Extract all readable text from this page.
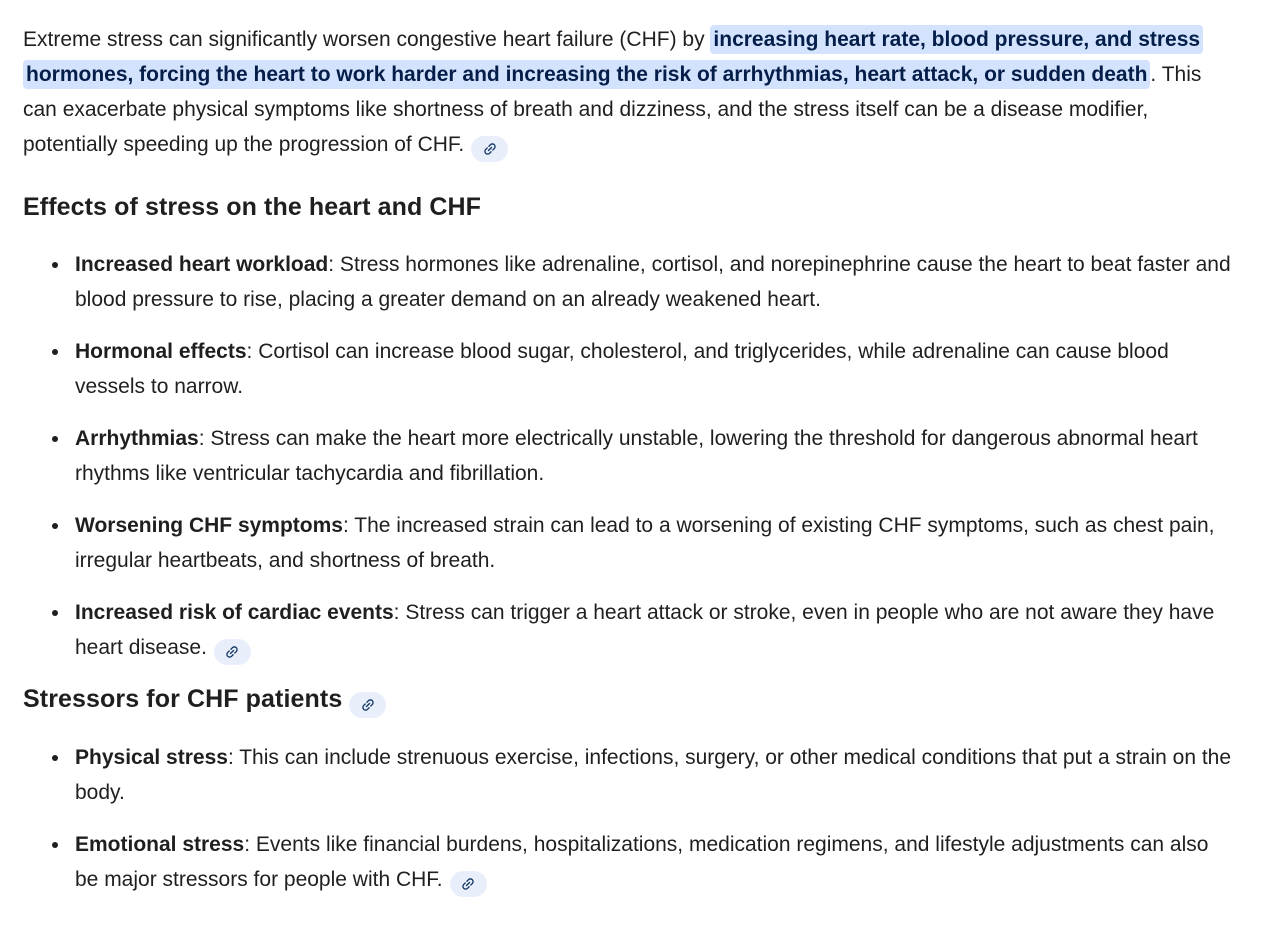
Extreme stress can significantly worsen congestive heart failure (CHF) by increasing heart rate, blood pressure, and stress hormones, forcing the heart to work harder and increasing the risk of arrhythmias, heart attack, or sudden death . This can exacerbate physical symptoms like shortness of breath and dizziness, and the stress itself can be a disease modifier, potentially speeding up the progression of CHF.

Effects of stress on the heart and CHF
Increased heart workload: Stress hormones like adrenaline, cortisol, and norepinephrine cause the heart to beat faster and blood pressure to rise, placing a greater demand on an already weakened heart.
Hormonal effects: Cortisol can increase blood sugar, cholesterol, and triglycerides, while adrenaline can cause blood vessels to narrow.
Arrhythmias: Stress can make the heart more electrically unstable, lowering the threshold for dangerous abnormal heart rhythms like ventricular tachycardia and fibrillation.
Worsening CHF symptoms: The increased strain can lead to a worsening of existing CHF symptoms, such as chest pain, irregular heartbeats, and shortness of breath.
Increased risk of cardiac events: Stress can trigger a heart attack or stroke, even in people who are not aware they have heart disease.
Stressors for CHF patients
Physical stress: This can include strenuous exercise, infections, surgery, or other medical conditions that put a strain on the body.
Emotional stress: Events like financial burdens, hospitalizations, medication regimens, and lifestyle adjustments can also be major stressors for people with CHF.
